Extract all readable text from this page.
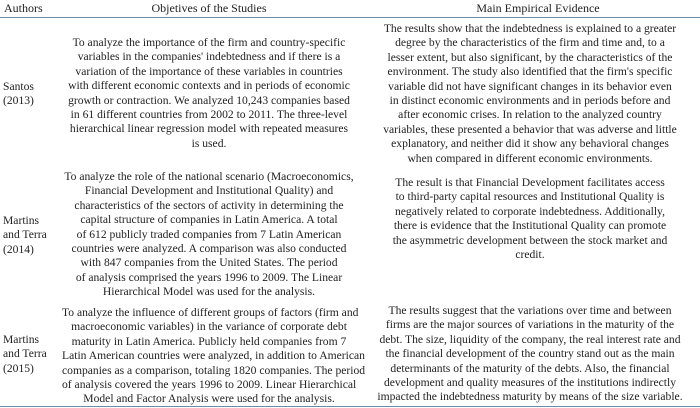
Authors	Objetives of the Studies	Main Empirical Evidence
Santos
(2013)
To analyze the importance of the firm and country-specific
variables in the companies' indebtedness and if there is a
variation of the importance of these variables in countries
with different economic contexts and in periods of economic
growth or contraction. We analyzed 10,243 companies based
in 61 different countries from 2002 to 2011. The three-level
hierarchical linear regression model with repeated measures
is used.
The results show that the indebtedness is explained to a greater
degree by the characteristics of the firm and time and, to a
lesser extent, but also significant, by the characteristics of the
environment. The study also identified that the firm's specific
variable did not have significant changes in its behavior even
in distinct economic environments and in periods before and
after economic crises. In relation to the analyzed country
variables, these presented a behavior that was adverse and little
explanatory, and neither did it show any behavioral changes
when compared in different economic environments.
Martins
and Terra
(2014)
To analyze the role of the national scenario (Macroeconomics,
Financial Development and Institutional Quality) and
characteristics of the sectors of activity in determining the
capital structure of companies in Latin America. A total
of 612 publicly traded companies from 7 Latin American
countries were analyzed. A comparison was also conducted
with 847 companies from the United States. The period
of analysis comprised the years 1996 to 2009. The Linear
Hierarchical Model was used for the analysis.
The result is that Financial Development facilitates access
to third-party capital resources and Institutional Quality is
negatively related to corporate indebtedness. Additionally,
there is evidence that the Institutional Quality can promote
the asymmetric development between the stock market and
credit.
Martins
and Terra
(2015)
To analyze the influence of different groups of factors (firm and
macroeconomic variables) in the variance of corporate debt
maturity in Latin America. Publicly held companies from 7
Latin American countries were analyzed, in addition to American
companies as a comparison, totaling 1820 companies. The period
of analysis covered the years 1996 to 2009. Linear Hierarchical
Model and Factor Analysis were used for the analysis.
The results suggest that the variations over time and between
firms are the major sources of variations in the maturity of the
debt. The size, liquidity of the company, the real interest rate and
the financial development of the country stand out as the main
determinants of the maturity of the debts. Also, the financial
development and quality measures of the institutions indirectly
impacted the indebtedness maturity by means of the size variable.
